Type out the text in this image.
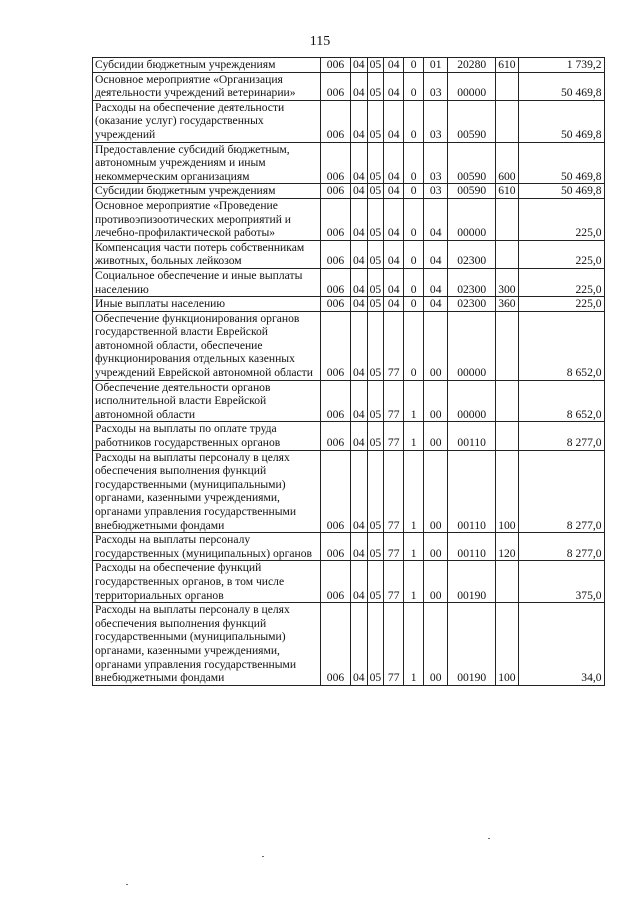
115
Субсидии бюджетным учреждениям	006	04	05	04	0	01	20280	610	1 739,2
Основное мероприятие «Организация деятельности учреждений ветеринарии»	006	04	05	04	0	03	00000		50 469,8
Расходы на обеспечение деятельности (оказание услуг) государственных учреждений	006	04	05	04	0	03	00590		50 469,8
Предоставление субсидий бюджетным, автономным учреждениям и иным некоммерческим организациям	006	04	05	04	0	03	00590	600	50 469,8
Субсидии бюджетным учреждениям	006	04	05	04	0	03	00590	610	50 469,8
Основное мероприятие «Проведение противоэпизоотических мероприятий и лечебно-профилактической работы»	006	04	05	04	0	04	00000		225,0
Компенсация части потерь собственникам животных, больных лейкозом	006	04	05	04	0	04	02300		225,0
Социальное обеспечение и иные выплаты населению	006	04	05	04	0	04	02300	300	225,0
Иные выплаты населению	006	04	05	04	0	04	02300	360	225,0
Обеспечение функционирования органов государственной власти Еврейской автономной области, обеспечение функционирования отдельных казенных учреждений Еврейской автономной области	006	04	05	77	0	00	00000		8 652,0
Обеспечение деятельности органов исполнительной власти Еврейской автономной области	006	04	05	77	1	00	00000		8 652,0
Расходы на выплаты по оплате труда работников государственных органов	006	04	05	77	1	00	00110		8 277,0
Расходы на выплаты персоналу в целях обеспечения выполнения функций государственными (муниципальными) органами, казенными учреждениями, органами управления государственными внебюджетными фондами	006	04	05	77	1	00	00110	100	8 277,0
Расходы на выплаты персоналу государственных (муниципальных) органов	006	04	05	77	1	00	00110	120	8 277,0
Расходы на обеспечение функций государственных органов, в том числе территориальных органов	006	04	05	77	1	00	00190		375,0
Расходы на выплаты персоналу в целях обеспечения выполнения функций государственными (муниципальными) органами, казенными учреждениями, органами управления государственными внебюджетными фондами	006	04	05	77	1	00	00190	100	34,0
